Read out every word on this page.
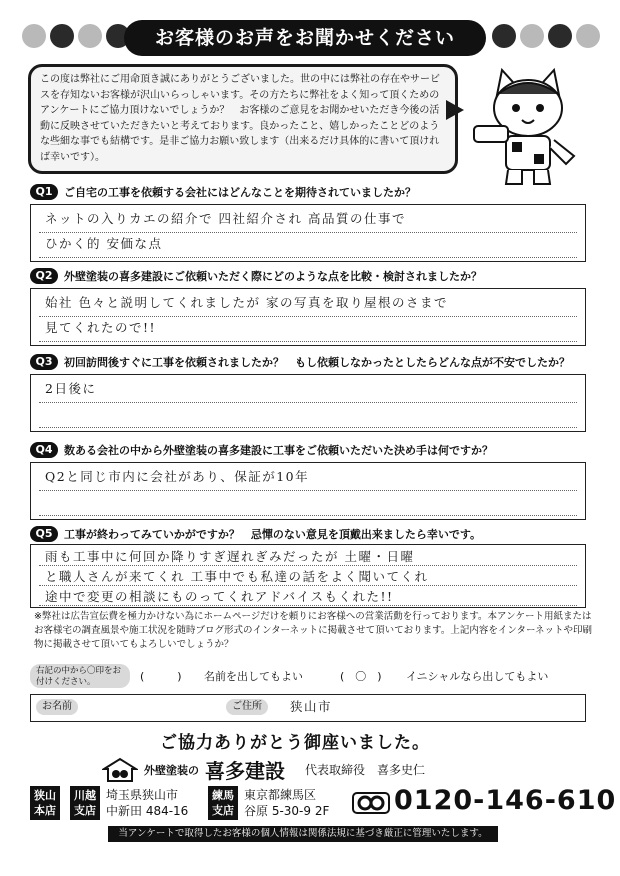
お客様のお声をお聞かせください
この度は弊社にご用命頂き誠にありがとうございました。世の中には弊社の存在やサービスを存知ないお客様が沢山いらっしゃいます。その方たちに弊社をよく知って頂くためのアンケートにご協力頂けないでしょうか？　お客様のご意見をお聞かせいただき今後の活動に反映させていただきたいと考えております。良かったこと、嬉しかったことどのような些細な事でも結構です。是非ご協力お願い致します（出来るだけ具体的に書いて頂ければ幸いです）。
Q1	ご自宅の工事を依頼する会社にはどんなことを期待されていましたか？
ネットの入りカエの紹介で 四社紹介され 高品質の仕事で
ひかく的 安価な点
Q2	外壁塗装の喜多建設にご依頼いただく際にどのような点を比較・検討されましたか？
始社 色々と説明してくれましたが 家の写真を取り屋根のさまで
見てくれたので!!
Q3	初回訪問後すぐに工事を依頼されましたか？　もし依頼しなかったとしたらどんな点が不安でしたか？
2日後に
Q4	数ある会社の中から外壁塗装の喜多建設に工事をご依頼いただいた決め手は何ですか？
Q2と同じ市内に会社があり、保証が10年
Q5	工事が終わってみていかがですか？　忌憚のない意見を頂戴出来ましたら幸いです。
雨も工事中に何回か降りすぎ遅れぎみだったが 土曜・日曜
と職人さんが来てくれ 工事中でも私達の話をよく聞いてくれ
途中で変更の相談にものってくれアドバイスもくれた!!
※弊社は広告宣伝費を極力かけない為にホームページだけを頼りにお客様への営業活動を行っております。本アンケート用紙またはお客様宅の調査風景や施工状況を随時ブログ形式のインターネットに掲載させて頂いております。上記内容をインターネットや印刷物に掲載させて頂いてもよろしいでしょうか？
右記の中から〇印をお付けください。	(　　　) 名前を出してもよい	(　〇　) イニシャルなら出してもよい
お名前	ご住所	狭山市
ご協力ありがとう御座いました。
外壁塗装の 喜多建設 代表取締役　喜多史仁
狭山本店
川越支店
埼玉県狭山市
中新田 484-16
練馬支店
東京都練馬区
谷原 5-30-9 2F 0120-146-610
当アンケートで取得したお客様の個人情報は関係法規に基づき厳正に管理いたします。
